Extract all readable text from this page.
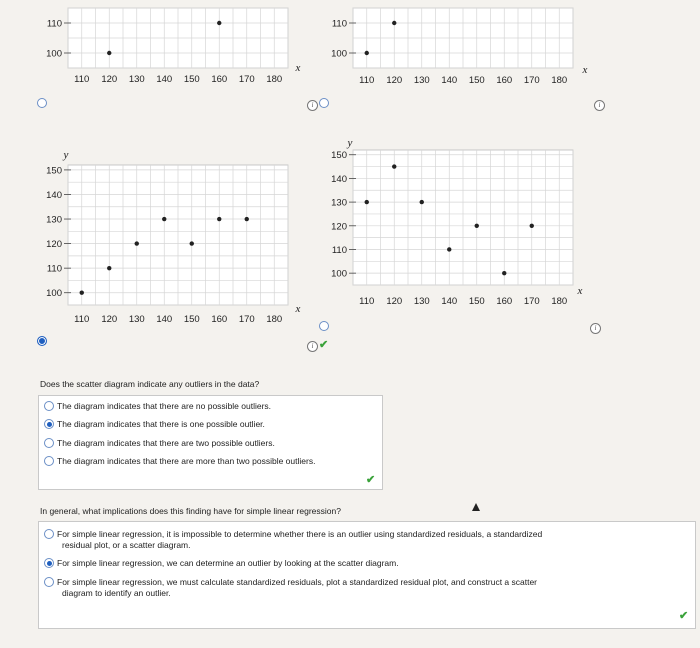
110
100
110 120 130 140 150 160 170 180
x
110
100
110 120 130 140 150 160 170 180
x
150
140
130
120
110
100
110 120 130 140 150 160 170 180
x
y	150
140
130
120
110
100
110 120 130 140 150 160 170 180
x
y
i	i
i ✔
i
Does the scatter diagram indicate any outliers in the data?
The diagram indicates that there are no possible outliers.
The diagram indicates that there is one possible outlier.
The diagram indicates that there are two possible outliers.
The diagram indicates that there are more than two possible outliers.
✔
In general, what implications does this finding have for simple linear regression?
For simple linear regression, it is impossible to determine whether there is an outlier using standardized residuals, a standardized
residual plot, or a scatter diagram.
For simple linear regression, we can determine an outlier by looking at the scatter diagram.
For simple linear regression, we must calculate standardized residuals, plot a standardized residual plot, and construct a scatter
diagram to identify an outlier.
✔
